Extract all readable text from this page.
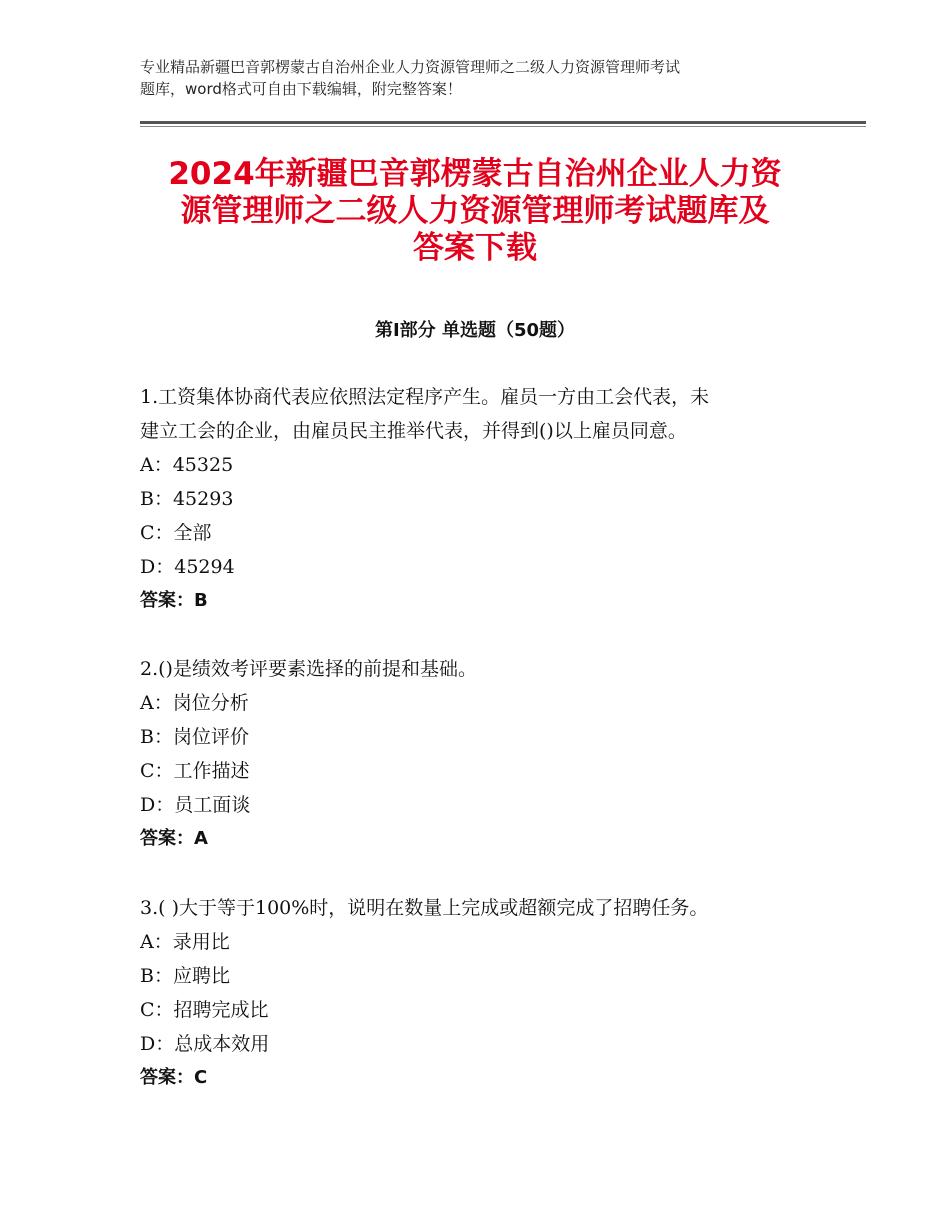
专业精品新疆巴音郭楞蒙古自治州企业人力资源管理师之二级人力资源管理师考试
题库，word格式可自由下载编辑，附完整答案！
2024年新疆巴音郭楞蒙古自治州企业人力资
源管理师之二级人力资源管理师考试题库及
答案下载
第Ⅰ部分 单选题（50题）

1.工资集体协商代表应依照法定程序产生。雇员一方由工会代表，未

建立工会的企业，由雇员民主推举代表，并得到()以上雇员同意。

A：45325

B：45293

C：全部

D：45294

答案：B

2.()是绩效考评要素选择的前提和基础。

A：岗位分析

B：岗位评价

C：工作描述

D：员工面谈

答案：A

3.( )大于等于100%时，说明在数量上完成或超额完成了招聘任务。

A：录用比

B：应聘比

C：招聘完成比

D：总成本效用

答案：C
